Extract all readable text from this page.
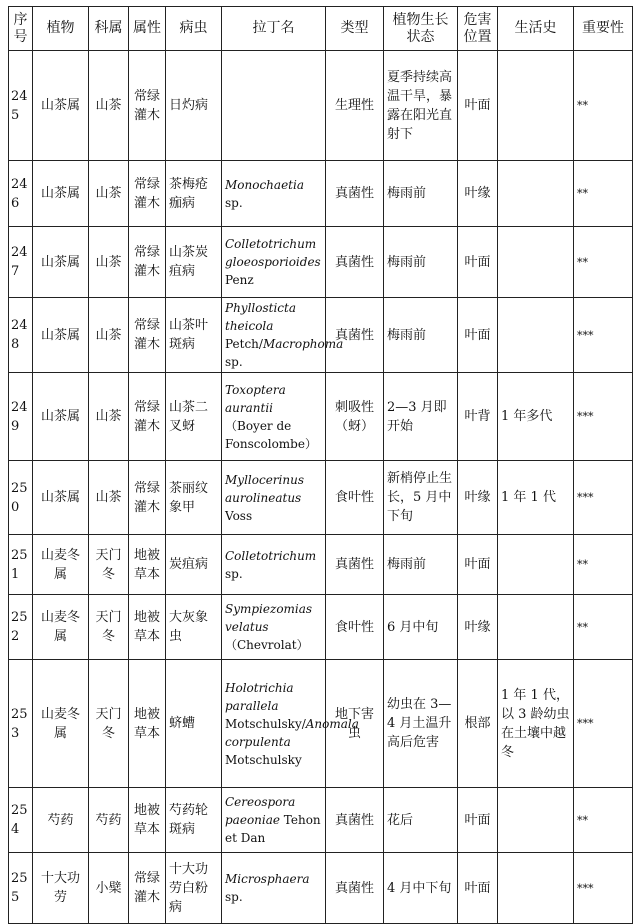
序号	植物	科属	属性	病虫	拉丁名	类型	植物生长状态	危害位置	生活史	重要性
245	山茶属	山茶	常绿灌木	日灼病		生理性	夏季持续高温干旱，暴露在阳光直射下	叶面		**
246	山茶属	山茶	常绿灌木	茶梅疮痂病	Monochaetia sp.	真菌性	梅雨前	叶缘		**
247	山茶属	山茶	常绿灌木	山茶炭疽病	Colletotrichum gloeosporioides Penz	真菌性	梅雨前	叶面		**
248	山茶属	山茶	常绿灌木	山茶叶斑病	Phyllosticta theicola Petch/Macrophoma sp.	真菌性	梅雨前	叶面		***
249	山茶属	山茶	常绿灌木	山茶二叉蚜	Toxoptera aurantii （Boyer de Fonscolombe）	刺吸性（蚜）	2—3 月即开始	叶背	1 年多代	***
250	山茶属	山茶	常绿灌木	茶丽纹象甲	Myllocerinus aurolineatus Voss	食叶性	新梢停止生长，5 月中下旬	叶缘	1 年 1 代	***
251	山麦冬属	天门冬	地被草本	炭疽病	Colletotrichum sp.	真菌性	梅雨前	叶面		**
252	山麦冬属	天门冬	地被草本	大灰象虫	Sympiezomias velatus （Chevrolat）	食叶性	6 月中旬	叶缘		**
253	山麦冬属	天门冬	地被草本	蛴螬	Holotrichia parallela Motschulsky/Anomala corpulenta Motschulsky	地下害虫	幼虫在 3—4 月土温升高后危害	根部	1 年 1 代，以 3 龄幼虫在土壤中越冬	***
254	芍药	芍药	地被草本	芍药轮斑病	Cereospora paeoniae Tehon et Dan	真菌性	花后	叶面		**
255	十大功劳	小檗	常绿灌木	十大功劳白粉病	Microsphaera sp.	真菌性	4 月中下旬	叶面		***
